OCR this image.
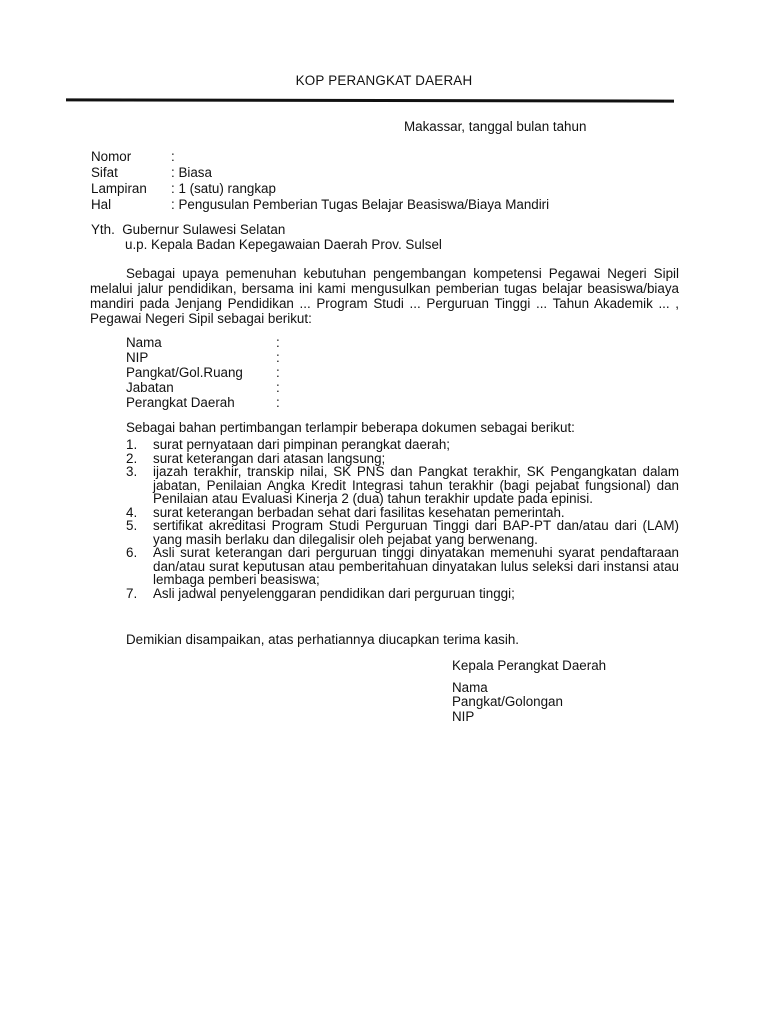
KOP PERANGKAT DAERAH
Makassar, tanggal bulan tahun
Nomor	:
Sifat	: Biasa
Lampiran	: 1 (satu) rangkap
Hal	: Pengusulan Pemberian Tugas Belajar Beasiswa/Biaya Mandiri
Yth.  Gubernur Sulawesi Selatan
u.p. Kepala Badan Kepegawaian Daerah Prov. Sulsel
Sebagai upaya pemenuhan kebutuhan pengembangan kompetensi Pegawai Negeri Sipil melalui jalur pendidikan, bersama ini kami mengusulkan pemberian tugas belajar beasiswa/biaya mandiri pada Jenjang Pendidikan ... Program Studi ... Perguruan Tinggi ... Tahun Akademik ... , Pegawai Negeri Sipil sebagai berikut:
Nama	:
NIP	:
Pangkat/Gol.Ruang	:
Jabatan	:
Perangkat Daerah	:
Sebagai bahan pertimbangan terlampir beberapa dokumen sebagai berikut:
1.	surat pernyataan dari pimpinan perangkat daerah;
2.	surat keterangan dari atasan langsung;
3.	ijazah terakhir, transkip nilai, SK PNS dan Pangkat terakhir, SK Pengangkatan dalam jabatan, Penilaian Angka Kredit Integrasi tahun terakhir (bagi pejabat fungsional) dan Penilaian atau Evaluasi Kinerja 2 (dua) tahun terakhir update pada epinisi.
4.	surat keterangan berbadan sehat dari fasilitas kesehatan pemerintah.
5.	sertifikat akreditasi Program Studi Perguruan Tinggi dari BAP-PT dan/atau dari (LAM) yang masih berlaku dan dilegalisir oleh pejabat yang berwenang.
6.	Asli surat keterangan dari perguruan tinggi dinyatakan memenuhi syarat pendaftaraan dan/atau surat keputusan atau pemberitahuan dinyatakan lulus seleksi dari instansi atau lembaga pemberi beasiswa;
7.	Asli jadwal penyelenggaran pendidikan dari perguruan tinggi;
Demikian disampaikan, atas perhatiannya diucapkan terima kasih.
Kepala Perangkat Daerah
Nama
Pangkat/Golongan
NIP
